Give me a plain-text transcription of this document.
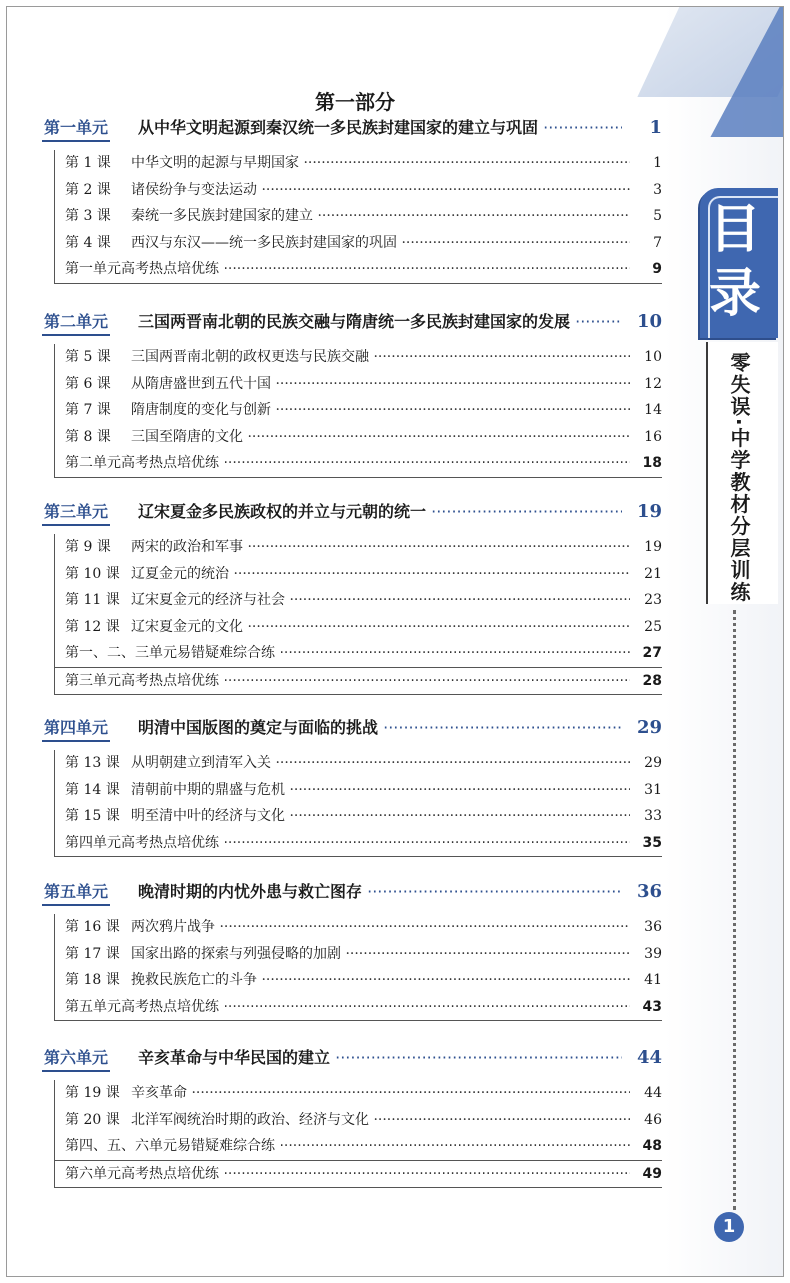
目
录
零失误·中学教材分层训练
1
第一部分
第一单元 从中华文明起源到秦汉统一多民族封建国家的建立与巩固 ·····	1
第 1 课 中华文明的起源与早期国家 ·····	1
第 2 课 诸侯纷争与变法运动 ·····	3
第 3 课 秦统一多民族封建国家的建立 ·····	5
第 4 课 西汉与东汉——统一多民族封建国家的巩固 ·····	7
第一单元高考热点培优练 ·····	9
第二单元 三国两晋南北朝的民族交融与隋唐统一多民族封建国家的发展 ·····	10
第 5 课 三国两晋南北朝的政权更迭与民族交融 ·····	10
第 6 课 从隋唐盛世到五代十国 ·····	12
第 7 课 隋唐制度的变化与创新 ·····	14
第 8 课 三国至隋唐的文化 ·····	16
第二单元高考热点培优练 ·····	18
第三单元 辽宋夏金多民族政权的并立与元朝的统一 ·····	19
第 9 课 两宋的政治和军事 ·····	19
第 10 课 辽夏金元的统治 ·····	21
第 11 课 辽宋夏金元的经济与社会 ·····	23
第 12 课 辽宋夏金元的文化 ·····	25
第一、二、三单元易错疑难综合练 ·····	27
第三单元高考热点培优练 ·····	28
第四单元 明清中国版图的奠定与面临的挑战 ·····	29
第 13 课 从明朝建立到清军入关 ·····	29
第 14 课 清朝前中期的鼎盛与危机 ·····	31
第 15 课 明至清中叶的经济与文化 ·····	33
第四单元高考热点培优练 ·····	35
第五单元 晚清时期的内忧外患与救亡图存 ·····	36
第 16 课 两次鸦片战争 ·····	36
第 17 课 国家出路的探索与列强侵略的加剧 ·····	39
第 18 课 挽救民族危亡的斗争 ·····	41
第五单元高考热点培优练 ·····	43
第六单元 辛亥革命与中华民国的建立 ·····	44
第 19 课 辛亥革命 ·····	44
第 20 课 北洋军阀统治时期的政治、经济与文化 ·····	46
第四、五、六单元易错疑难综合练 ·····	48
第六单元高考热点培优练 ·····	49
